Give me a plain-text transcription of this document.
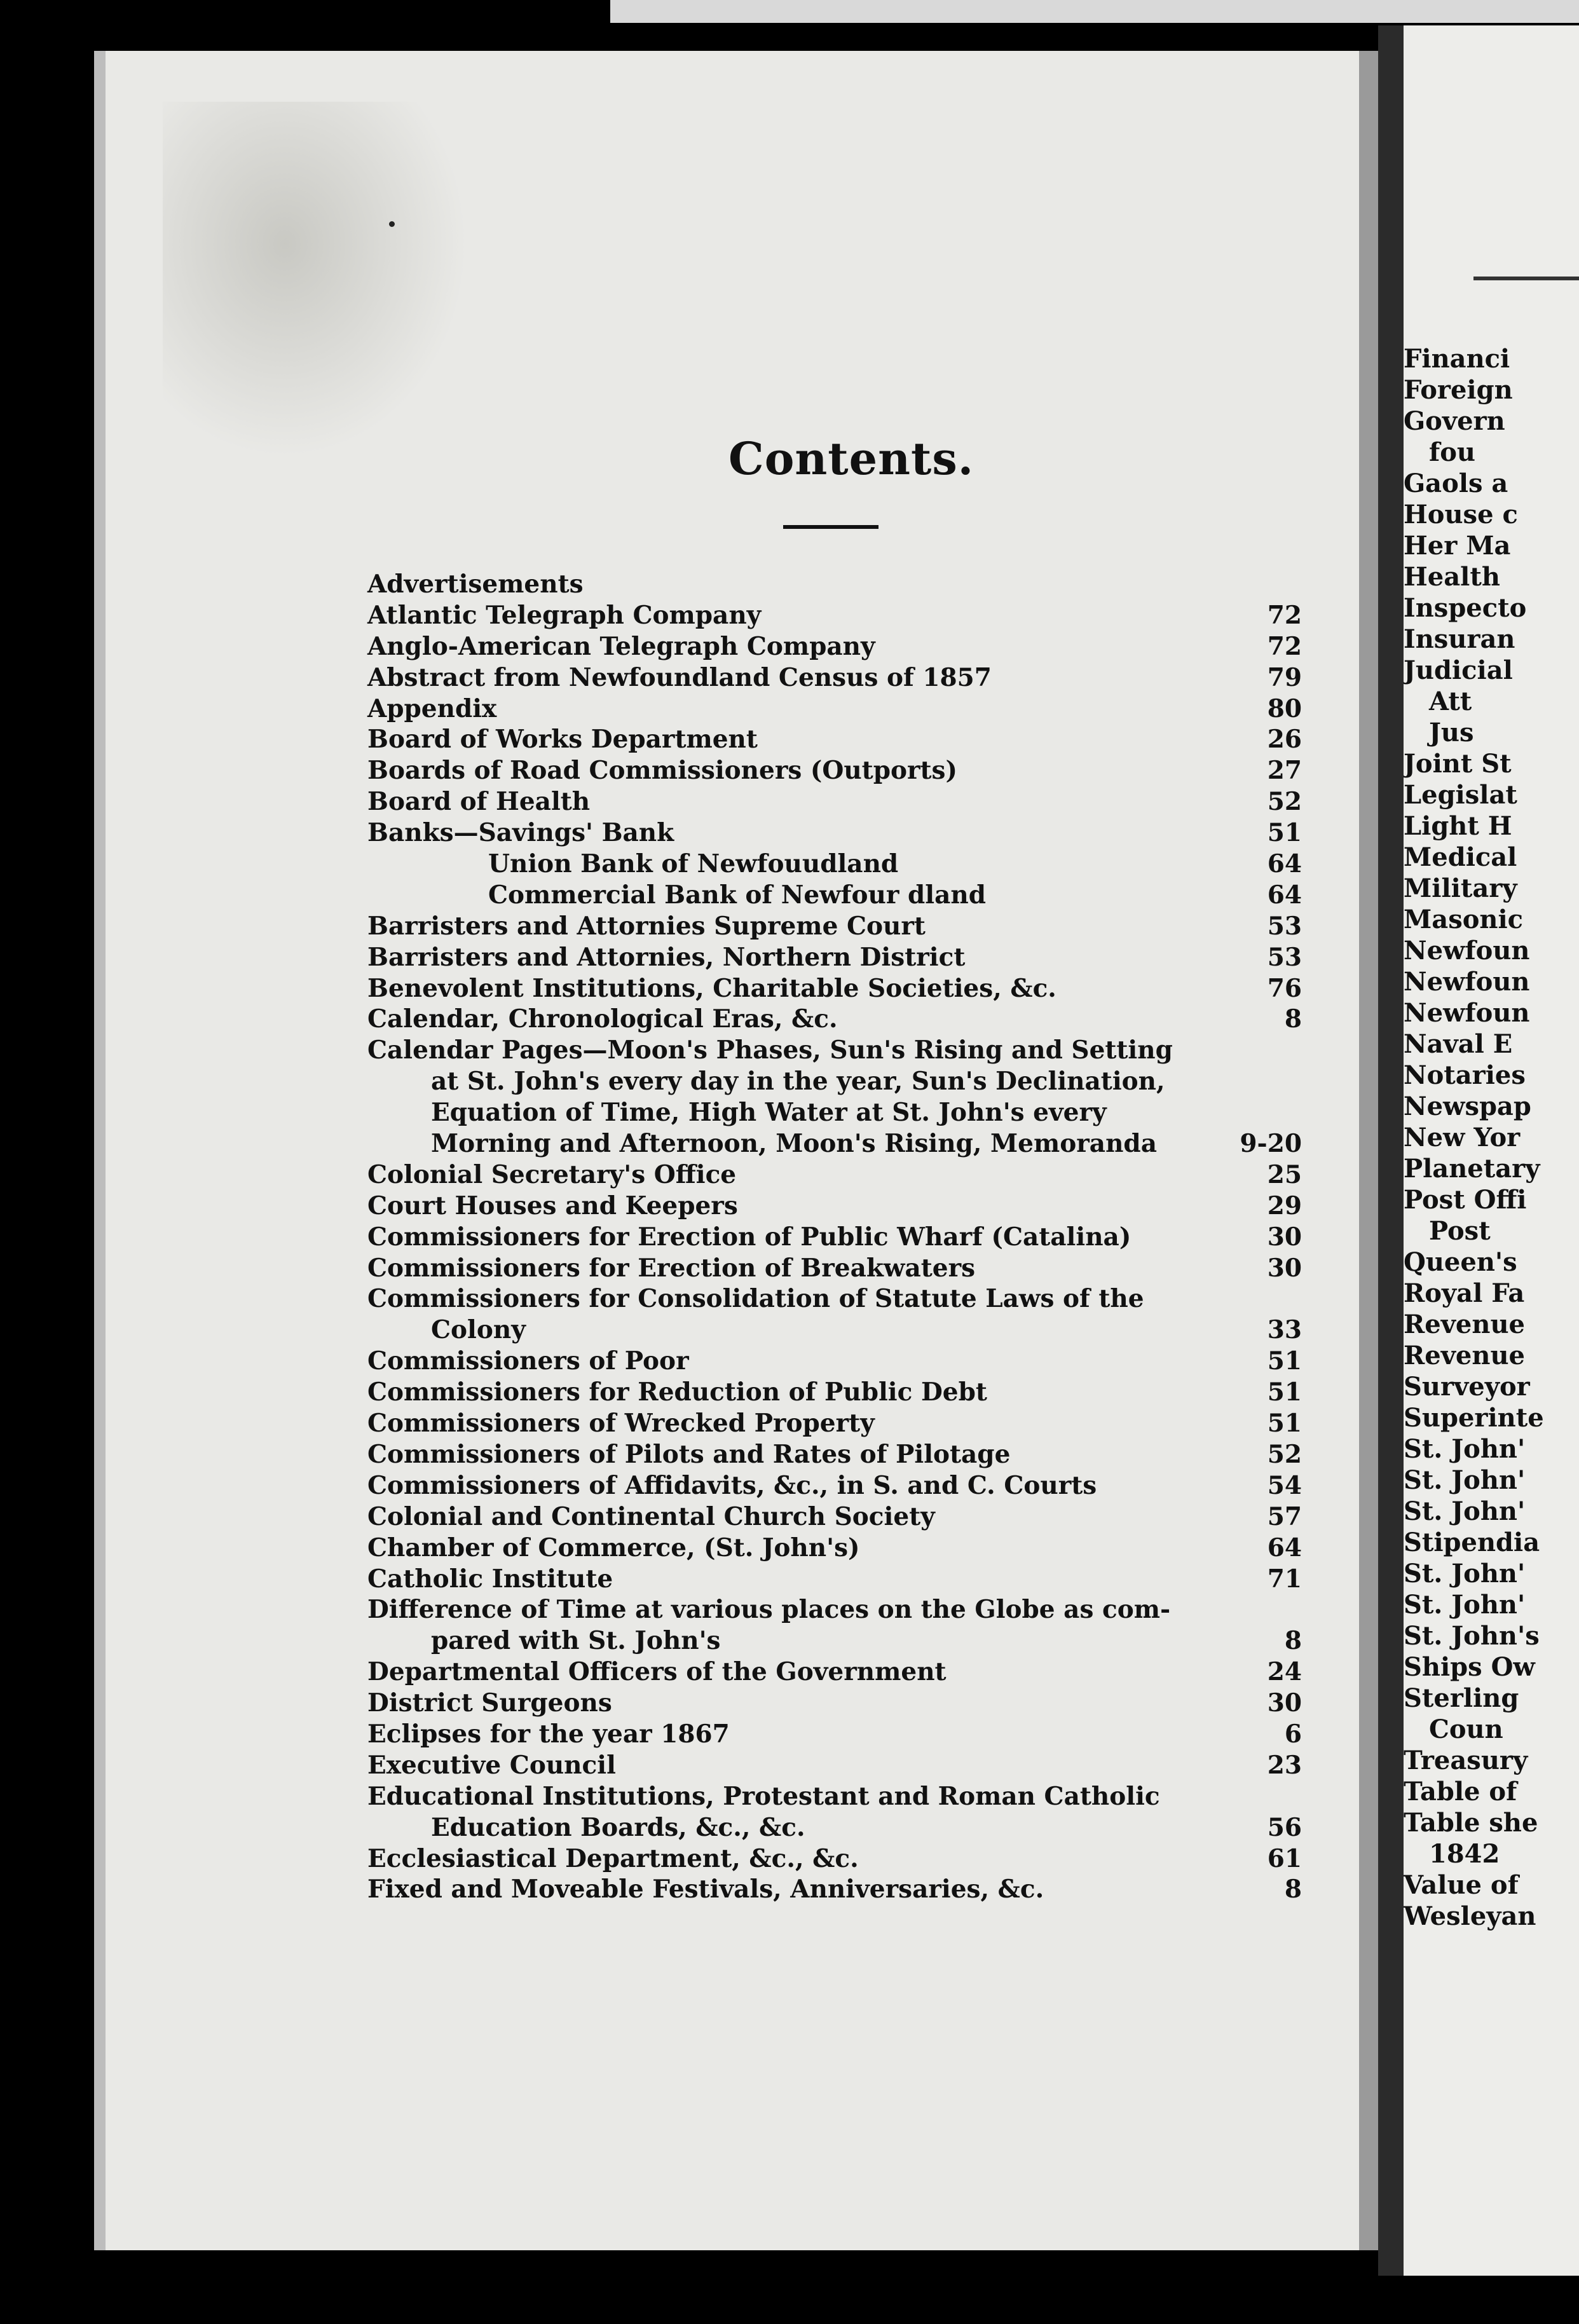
Contents.
Advertisements
Atlantic Telegraph Company	72
Anglo-American Telegraph Company	72
Abstract from Newfoundland Census of 1857	79
Appendix	80
Board of Works Department	26
Boards of Road Commissioners (Outports)	27
Board of Health	52
Banks—Savings' Bank	51
Union Bank of Newfouudland	64
Commercial Bank of Newfour dland	64
Barristers and Attornies Supreme Court	53
Barristers and Attornies, Northern District	53
Benevolent Institutions, Charitable Societies, &c.	76
Calendar, Chronological Eras, &c.	8
Calendar Pages—Moon's Phases, Sun's Rising and Setting
at St. John's every day in the year, Sun's Declination,
Equation of Time, High Water at St. John's every
Morning and Afternoon, Moon's Rising, Memoranda	9-20
Colonial Secretary's Office	25
Court Houses and Keepers	29
Commissioners for Erection of Public Wharf (Catalina)	30
Commissioners for Erection of Breakwaters	30
Commissioners for Consolidation of Statute Laws of the
Colony	33
Commissioners of Poor	51
Commissioners for Reduction of Public Debt	51
Commissioners of Wrecked Property	51
Commissioners of Pilots and Rates of Pilotage	52
Commissioners of Affidavits, &c., in S. and C. Courts	54
Colonial and Continental Church Society	57
Chamber of Commerce, (St. John's)	64
Catholic Institute	71
Difference of Time at various places on the Globe as com-
pared with St. John's	8
Departmental Officers of the Government	24
District Surgeons	30
Eclipses for the year 1867	6
Executive Council	23
Educational Institutions, Protestant and Roman Catholic
Education Boards, &c., &c.	56
Ecclesiastical Department, &c., &c.	61
Fixed and Moveable Festivals, Anniversaries, &c.	8
Financi
Foreign
Govern
fou
Gaols a
House c
Her Ma
Health
Inspecto
Insuran
Judicial
Att
Jus
Joint St
Legislat
Light H
Medical
Military
Masonic
Newfoun
Newfoun
Newfoun
Naval E
Notaries
Newspap
New Yor
Planetary
Post Offi
Post
Queen's
Royal Fa
Revenue
Revenue
Surveyor
Superinte
St. John'
St. John'
St. John'
Stipendia
St. John'
St. John'
St. John's
Ships Ow
Sterling
Coun
Treasury
Table of
Table she
1842
Value of
Wesleyan
